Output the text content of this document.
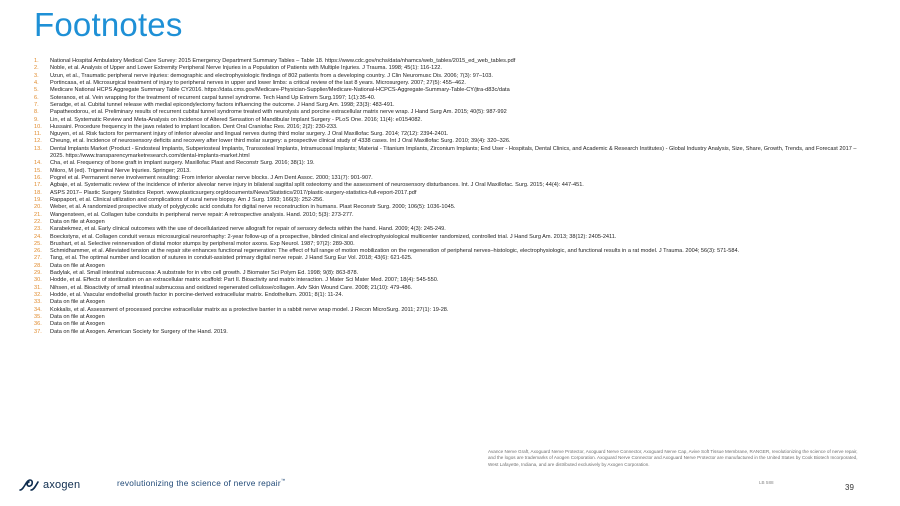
Footnotes
1.	National Hospital Ambulatory Medical Care Survey: 2015 Emergency Department Summary Tables – Table 18. https://www.cdc.gov/nchs/data/nhamcs/web_tables/2015_ed_web_tables.pdf
2.	Noble, et al. Analysis of Upper and Lower Extremity Peripheral Nerve Injuries in a Population of Patients with Multiple Injuries. J Trauma. 1998; 45(1): 116-122.
3.	Uzun, et al., Traumatic peripheral nerve injuries: demographic and electrophysiologic findings of 802 patients from a developing country. J Clin Neuromusc Dis. 2006; 7(3): 97–103.
4.	Portincasa, et al. Microsurgical treatment of injury to peripheral nerves in upper and lower limbs: a critical review of the last 8 years. Microsurgery. 2007; 27(5): 455–462.
5.	Medicare National HCPS Aggregate Summary Table CY2016. https://data.cms.gov/Medicare-Physician-Supplier/Medicare-National-HCPCS-Aggregate-Summary-Table-CY/jtra-d83c/data
6.	Soteranos, et al. Vein wrapping for the treatment of recurrent carpal tunnel syndrome. Tech Hand Up Extrem Surg.1997; 1(1):35-40.
7.	Seradge, et al. Cubital tunnel release with medial epicondylectomy factors influencing the outcome. J Hand Surg Am. 1998; 23(3): 483-491.
8.	Papatheodorou, et al. Preliminary results of recurrent cubital tunnel syndrome treated with neurolysis and porcine extracellular matrix nerve wrap. J Hand Surg Am. 2015; 40(5): 987-992
9.	Lin, et al. Systematic Review and Meta-Analysis on Incidence of Altered Sensation of Mandibular Implant Surgery - PLoS One. 2016; 11(4): e0154082.
10.	Hussaini. Procedure frequency in the jaws related to implant location. Dent Oral Craniofac Res. 2016; 2(2): 230-233.
11.	Nguyen, et al. Risk factors for permanent injury of inferior alveolar and lingual nerves during third molar surgery. J Oral Maxillofac Surg. 2014; 72(12): 2394-2401.
12.	Cheung, et al. Incidence of neurosensory deficits and recovery after lower third molar surgery: a prospective clinical study of 4338 cases. Int J Oral Maxillofac Surg. 2010; 39(4): 320–326.
13.	Dental Implants Market (Product - Endosteal Implants, Subperiosteal Implants, Transosteal Implants, Intramucosal Implants; Material - Titanium Implants, Zirconium Implants; End User - Hospitals, Dental Clinics, and Academic & Research Institutes) - Global Industry Analysis, Size, Share, Growth, Trends, and Forecast 2017 – 2025. https://www.transparencymarketresearch.com/dental-implants-market.html
14.	Cha, et al. Frequency of bone graft in implant surgery. Maxillofac Plast and Reconstr Surg. 2016; 38(1): 19.
15.	Miloro, M (ed). Trigeminal Nerve Injuries. Springer; 2013.
16.	Pogrel et al. Permanent nerve involvement resulting: From inferior alveolar nerve blocks. J Am Dent Assoc. 2000; 131(7): 901-907.
17.	Agbaje, et al. Systematic review of the incidence of inferior alveolar nerve injury in bilateral sagittal split osteotomy and the assessment of neurosensory disturbances. Int. J Oral Maxillofac. Surg. 2015; 44(4): 447-451.
18.	ASPS 2017– Plastic Surgery Statistics Report. www.plasticsurgery.org/documents/News/Statistics/2017/plastic-surgery-statistics-full-report-2017.pdf
19.	Rappaport, et al. Clinical utilization and complications of sural nerve biopsy. Am J Surg. 1993; 166(3): 252-256.
20.	Weber, et al. A randomized prospective study of polyglycolic acid conduits for digital nerve reconstruction in humans. Plast Reconstr Surg. 2000; 106(5): 1036-1045.
21.	Wangensteen, et al. Collagen tube conduits in peripheral nerve repair: A retrospective analysis. Hand. 2010; 5(3): 273-277.
22.	Data on file at Axogen
23.	Karabekmez, et al. Early clinical outcomes with the use of decellularized nerve allograft for repair of sensory defects within the hand. Hand. 2009; 4(3): 245-249.
24.	Boeckstyns, et al. Collagen conduit versus microsurgical neurorrhaphy: 2-year follow-up of a prospective, blinded clinical and electrophysiological multicenter randomized, controlled trial. J Hand Surg Am. 2013; 38(12): 2405-2411.
25.	Brushart, et al. Selective reinnervation of distal motor stumps by peripheral motor axons. Exp Neurol. 1987; 97(2): 289-300.
26.	Schmidhammer, et al. Alleviated tension at the repair site enhances functional regeneration: The effect of full range of motion mobilization on the regeneration of peripheral nerves–histologic, electrophysiologic, and functional results in a rat model. J Trauma. 2004; 56(3): 571-584.
27.	Tang, et al. The optimal number and location of sutures in conduit-assisted primary digital nerve repair. J Hand Surg Eur Vol. 2018; 43(6): 621-625.
28.	Data on file at Axogen
29.	Badylak, et al. Small intestinal submucosa: A substrate for in vitro cell growth. J Biomater Sci Polym Ed. 1998; 9(8): 863-878.
30.	Hodde, et al. Effects of sterilization on an extracellular matrix scaffold: Part II. Bioactivity and matrix interaction. J Mater Sci Mater Med. 2007; 18(4): 545-550.
31.	Nihsen, et al. Bioactivity of small intestinal submucosa and oxidized regenerated cellulose/collagen. Adv Skin Wound Care. 2008; 21(10): 479-486.
32.	Hodde, et al. Vascular endothelial growth factor in porcine-derived extracellular matrix. Endothelium. 2001; 8(1): 11-24.
33.	Data on file at Axogen
34.	Kokkalis, et al. Assessment of processed porcine extracellular matrix as a protective barrier in a rabbit nerve wrap model. J Recon MicroSurg. 2011; 27(1): 19-28.
35.	Data on file at Axogen
36.	Data on file at Axogen
37.	Data on file at Axogen. American Society for Surgery of the Hand. 2019.
Avance Nerve Graft, Axoguard Nerve Protector, Axoguard Nerve Connector, Axoguard Nerve Cap, Avive Soft Tissue Membrane, RANGER, revolutionizing the science of nerve repair, and the logos are trademarks of Axogen Corporation. Axoguard Nerve Connector and Axoguard Nerve Protector are manufactured in the United States by Cook Biotech Incorporated, West Lafayette, Indiana, and are distributed exclusively by Axogen Corporation.
axogen	revolutionizing the science of nerve repair™	LB 588
39
